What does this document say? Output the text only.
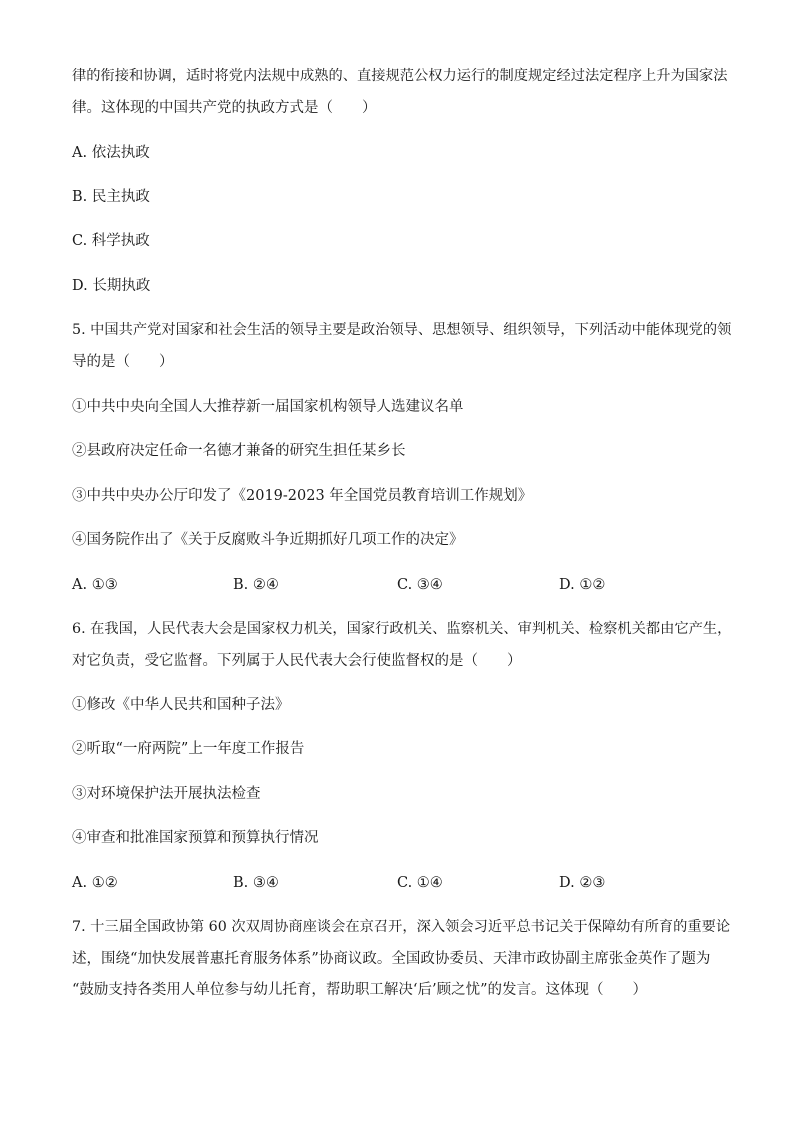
律的衔接和协调，适时将党内法规中成熟的、直接规范公权力运行的制度规定经过法定程序上升为国家法
律。这体现的中国共产党的执政方式是（　　）
A. 依法执政
B. 民主执政
C. 科学执政
D. 长期执政
5. 中国共产党对国家和社会生活的领导主要是政治领导、思想领导、组织领导，下列活动中能体现党的领
导的是（　　）
①中共中央向全国人大推荐新一届国家机构领导人选建议名单
②县政府决定任命一名德才兼备的研究生担任某乡长
③中共中央办公厅印发了《2019-2023 年全国党员教育培训工作规划》
④国务院作出了《关于反腐败斗争近期抓好几项工作的决定》
A. ①③	B. ②④	C. ③④	D. ①②
6. 在我国，人民代表大会是国家权力机关，国家行政机关、监察机关、审判机关、检察机关都由它产生，
对它负责，受它监督。下列属于人民代表大会行使监督权的是（　　）
①修改《中华人民共和国种子法》
②听取“一府两院”上一年度工作报告
③对环境保护法开展执法检查
④审查和批准国家预算和预算执行情况
A. ①②	B. ③④	C. ①④	D. ②③
7. 十三届全国政协第 60 次双周协商座谈会在京召开，深入领会习近平总书记关于保障幼有所育的重要论
述，围绕“加快发展普惠托育服务体系”协商议政。全国政协委员、天津市政协副主席张金英作了题为
“鼓励支持各类用人单位参与幼儿托育，帮助职工解决‘后’顾之忧”的发言。这体现（　　）
